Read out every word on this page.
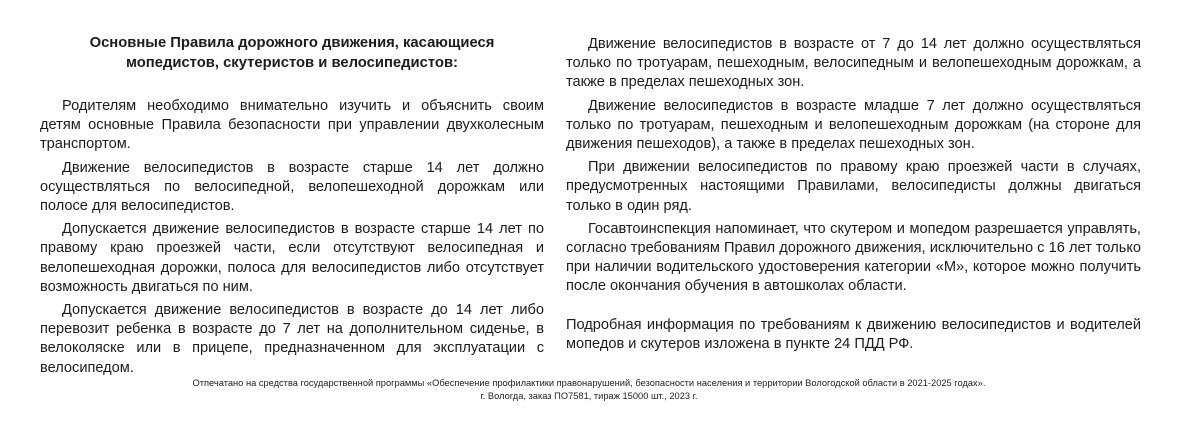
Основные Правила дорожного движения, касающиеся
мопедистов, скутеристов и велосипедистов:

Родителям необходимо внимательно изучить и объяснить своим детям основные Правила безопасности при управлении двухколесным транспортом.

Движение велосипедистов в возрасте старше 14 лет должно осуществляться по велосипедной, велопешеходной дорожкам или полосе для велосипедистов.

Допускается движение велосипедистов в возрасте старше 14 лет по правому краю проезжей части, если отсутствуют велосипедная и велопешеходная дорожки, полоса для велосипедистов либо отсутствует возможность двигаться по ним.

Допускается движение велосипедистов в возрасте до 14 лет либо перевозит ребенка в возрасте до 7 лет на дополнительном сиденье, в велоколяске или в прицепе, предназначенном для эксплуатации с велосипедом.

Движение велосипедистов в возрасте от 7 до 14 лет должно осуществляться только по тротуарам, пешеходным, велосипедным и велопешеходным дорожкам, а также в пределах пешеходных зон.

Движение велосипедистов в возрасте младше 7 лет должно осуществляться только по тротуарам, пешеходным и велопешеходным дорожкам (на стороне для движения пешеходов), а также в пределах пешеходных зон.

При движении велосипедистов по правому краю проезжей части в случаях, предусмотренных настоящими Правилами, велосипедисты должны двигаться только в один ряд.

Госавтоинспекция напоминает, что скутером и мопедом разрешается управлять, согласно требованиям Правил дорожного движения, исключительно с 16 лет только при наличии водительского удостоверения категории «М», которое можно получить после окончания обучения в автошколах области.

Подробная информация по требованиям к движению велосипедистов и водителей мопедов и скутеров изложена в пункте 24 ПДД РФ.

Отпечатано на средства государственной программы «Обеспечение профилактики правонарушений, безопасности населения и территории Вологодской области в 2021-2025 годах».
г. Вологда, заказ ПО7581, тираж 15000 шт., 2023 г.
